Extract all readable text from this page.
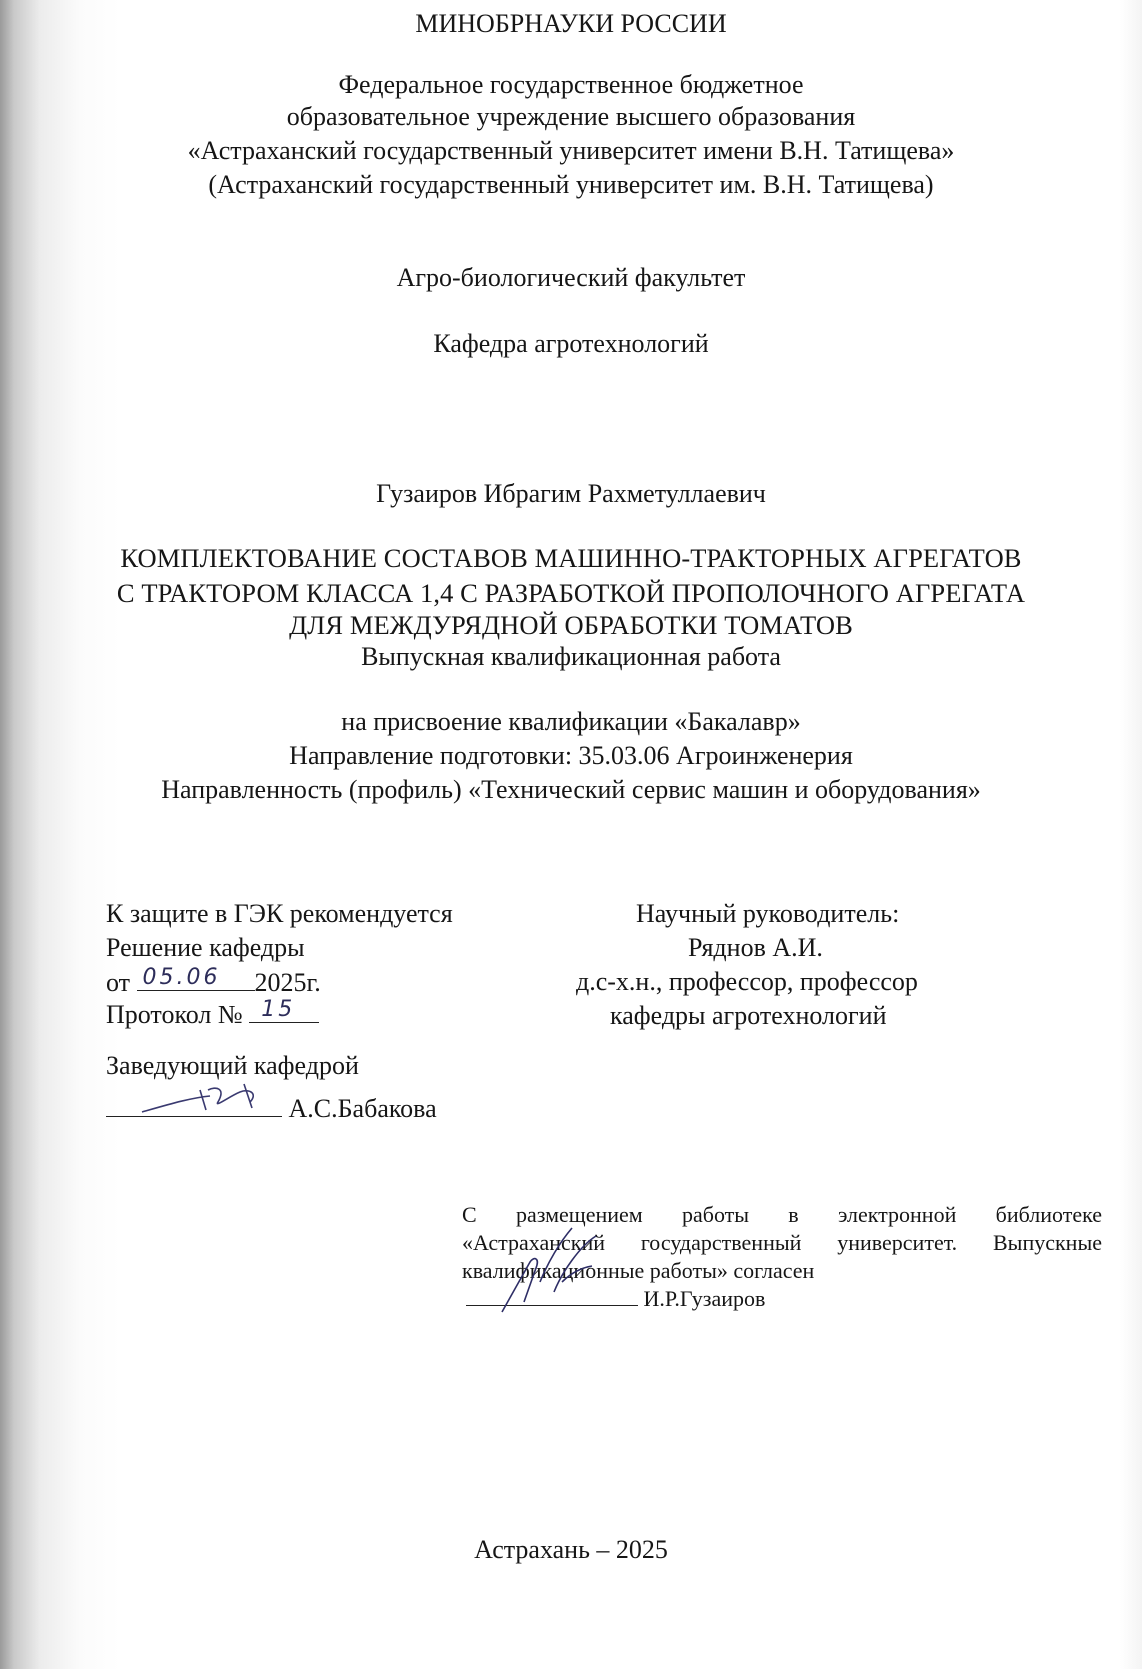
МИНОБРНАУКИ РОССИИ
Федеральное государственное бюджетное
образовательное учреждение высшего образования
«Астраханский государственный университет имени В.Н. Татищева»
(Астраханский государственный университет им. В.Н. Татищева)
Агро-биологический факультет
Кафедра агротехнологий
Гузаиров Ибрагим Рахметуллаевич
КОМПЛЕКТОВАНИЕ СОСТАВОВ МАШИННО-ТРАКТОРНЫХ АГРЕГАТОВ
С ТРАКТОРОМ КЛАССА 1,4 С РАЗРАБОТКОЙ ПРОПОЛОЧНОГО АГРЕГАТА
ДЛЯ МЕЖДУРЯДНОЙ ОБРАБОТКИ ТОМАТОВ
Выпускная квалификационная работа
на присвоение квалификации «Бакалавр»
Направление подготовки: 35.03.06 Агроинженерия
Направленность (профиль) «Технический сервис машин и оборудования»
К защите в ГЭК рекомендуется
Решение кафедры
от 05.06 2025г.
Протокол № 15
Заведующий кафедрой
А.С.Бабакова
Научный руководитель:
Ряднов А.И.
д.с-х.н., профессор, профессор
кафедры агротехнологий
С размещением работы в электронной библиотеке
«Астраханский государственный университет. Выпускные
квалификационные работы» согласен
И.Р.Гузаиров
Астрахань – 2025
